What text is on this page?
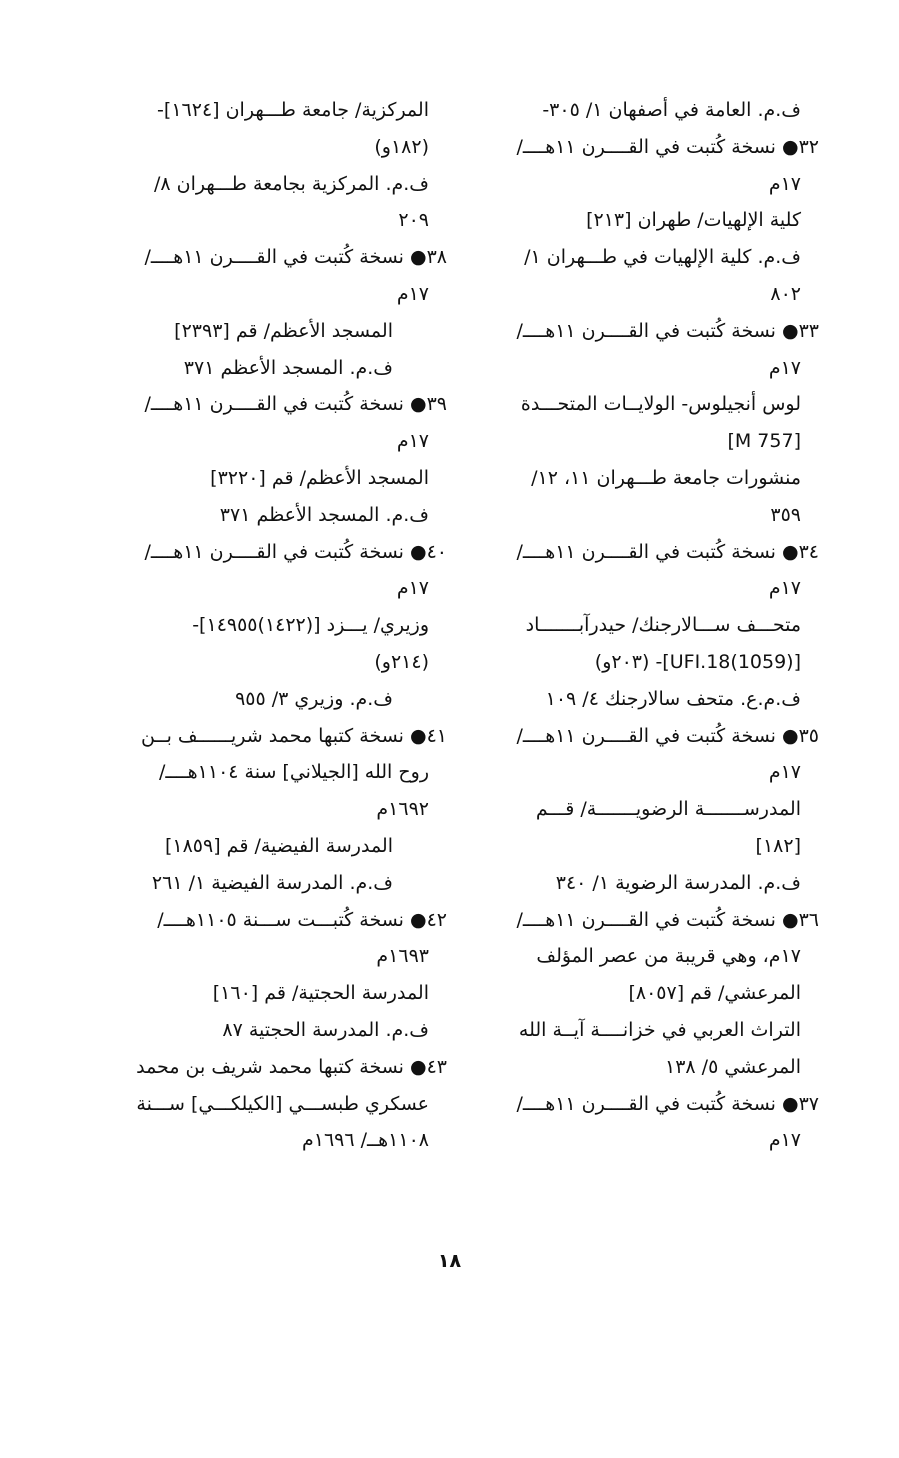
ف.م. العامة في أصفهان ١/ ٣٠٥-
٣٢● نسخة كُتبت في القــــرن ١١هــــ/
١٧م
كلية الإلهيات/ طهران [٢١٣]
ف.م. كلية الإلهيات في طـــهران ١/
٨٠٢
٣٣● نسخة كُتبت في القــــرن ١١هــــ/
١٧م
لوس أنجيلوس- الولايــات المتحـــدة
[M 757]
منشورات جامعة طـــهران ١١، ١٢/
٣٥٩
٣٤● نسخة كُتبت في القــــرن ١١هــــ/
١٧م
متحـــف ســـالارجنك/ حيدرآبـــــــاد
[(1059)UFI.18]- (٢٠٣و)
ف.م.ع. متحف سالارجنك ٤/ ١٠٩
٣٥● نسخة كُتبت في القــــرن ١١هــــ/
١٧م
المدرســـــــة الرضويـــــــة/ قـــم
[١٨٢]
ف.م. المدرسة الرضوية ١/ ٣٤٠
٣٦● نسخة كُتبت في القــــرن ١١هــــ/
١٧م، وهي قريبة من عصر المؤلف
المرعشي/ قم [٨٠٥٧]
التراث العربي في خزانــــة آيــة الله
المرعشي ٥/ ١٣٨
٣٧● نسخة كُتبت في القــــرن ١١هــــ/
١٧م
المركزية/ جامعة طـــهران [١٦٢٤]-
(١٨٢و)
ف.م. المركزية بجامعة طـــهران ٨/
٢٠٩
٣٨● نسخة كُتبت في القــــرن ١١هــــ/
١٧م
المسجد الأعظم/ قم [٢٣٩٣]
ف.م. المسجد الأعظم ٣٧١
٣٩● نسخة كُتبت في القــــرن ١١هــــ/
١٧م
المسجد الأعظم/ قم [٣٢٢٠]
ف.م. المسجد الأعظم ٣٧١
٤٠● نسخة كُتبت في القــــرن ١١هــــ/
١٧م
وزيري/ يـــزد [(١٤٢٢)١٤٩٥٥]-
(٢١٤و)
ف.م. وزيري ٣/ ٩٥٥
٤١● نسخة كتبها محمد شريــــــف بــن
روح الله [الجيلاني] سنة ١١٠٤هــــ/
١٦٩٢م
المدرسة الفيضية/ قم [١٨٥٩]
ف.م. المدرسة الفيضية ١/ ٢٦١
٤٢● نسخة كُتبـــت ســـنة ١١٠٥هــــ/
١٦٩٣م
المدرسة الحجتية/ قم [١٦٠]
ف.م. المدرسة الحجتية ٨٧
٤٣● نسخة كتبها محمد شريف بن محمد
عسكري طبســـي [الكيلكـــي] ســـنة
١١٠٨هــ/ ١٦٩٦م
١٨
